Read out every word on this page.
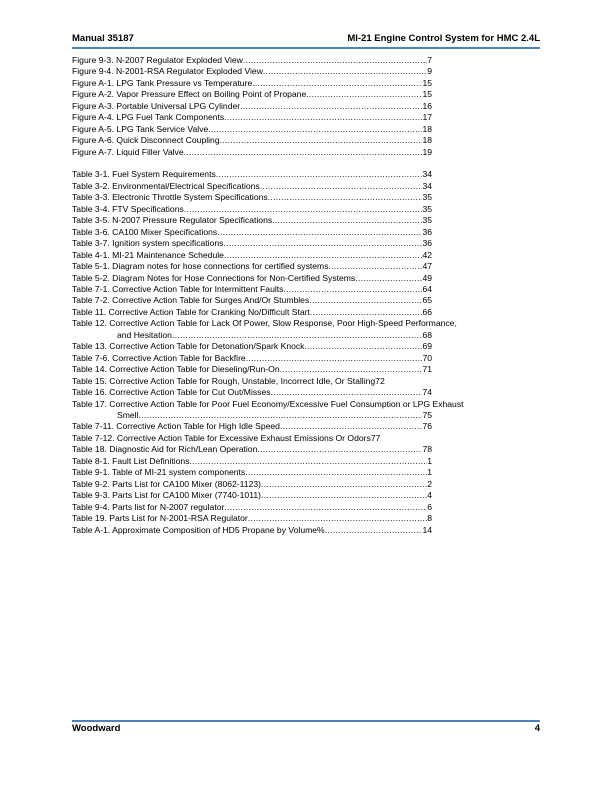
Manual 35187	MI-21 Engine Control System for HMC 2.4L
Figure 9-3. N-2007 Regulator Exploded View .....	7
Figure 9-4. N-2001-RSA Regulator Exploded View .....	9
Figure A-1. LPG Tank Pressure vs Temperature .....	15
Figure A-2. Vapor Pressure Effect on Boiling Point of Propane .....	15
Figure A-3. Portable Universal LPG Cylinder .....	16
Figure A-4. LPG Fuel Tank Components .....	17
Figure A-5. LPG Tank Service Valve .....	18
Figure A-6. Quick Disconnect Coupling .....	18
Figure A-7. Liquid Filler Valve .....	19
Table 3-1. Fuel System Requirements .....	34
Table 3-2. Environmental/Electrical Specifications .....	34
Table 3-3. Electronic Throttle System Specifications .....	35
Table 3-4. FTV Specifications .....	35
Table 3-5. N-2007 Pressure Regulator Specifications .....	35
Table 3-6. CA100 Mixer Specifications .....	36
Table 3-7. Ignition system specifications .....	36
Table 4-1. MI-21 Maintenance Schedule .....	42
Table 5-1. Diagram notes for hose connections for certified systems .....	47
Table 5-2. Diagram Notes for Hose Connections for Non-Certified Systems .....	49
Table 7-1. Corrective Action Table for Intermittent Faults .....	64
Table 7-2. Corrective Action Table for Surges And/Or Stumbles .....	65
Table 11. Corrective Action Table for Cranking No/Difficult Start .....	66
Table 12. Corrective Action Table for Lack Of Power, Slow Response, Poor High-Speed Performance,
and Hesitation .....	68
Table 13. Corrective Action Table for Detonation/Spark Knock .....	69
Table 7-6. Corrective Action Table for Backfire .....	70
Table 14. Corrective Action Table for Dieseling/Run-On .....	71
Table 15. Corrective Action Table for Rough, Unstable, Incorrect Idle, Or Stalling 72
Table 16. Corrective Action Table for Cut Out/Misses .....	74
Table 17. Corrective Action Table for Poor Fuel Economy/Excessive Fuel Consumption or LPG Exhaust
Smell .....	75
Table 7-11. Corrective Action Table for High Idle Speed .....	76
Table 7-12. Corrective Action Table for Excessive Exhaust Emissions Or Odors 77
Table 18. Diagnostic Aid for Rich/Lean Operation .....	78
Table 8-1. Fault List Definitions .....	1
Table 9-1. Table of MI-21 system components .....	1
Table 9-2. Parts List for CA100 Mixer (8062-1123) .....	2
Table 9-3. Parts List for CA100 Mixer (7740-1011) .....	4
Table 9-4. Parts list for N-2007 regulator .....	6
Table 19. Parts List for N-2001-RSA Regulator .....	8
Table A-1. Approximate Composition of HD5 Propane by Volume% .....	14
Woodward	4
